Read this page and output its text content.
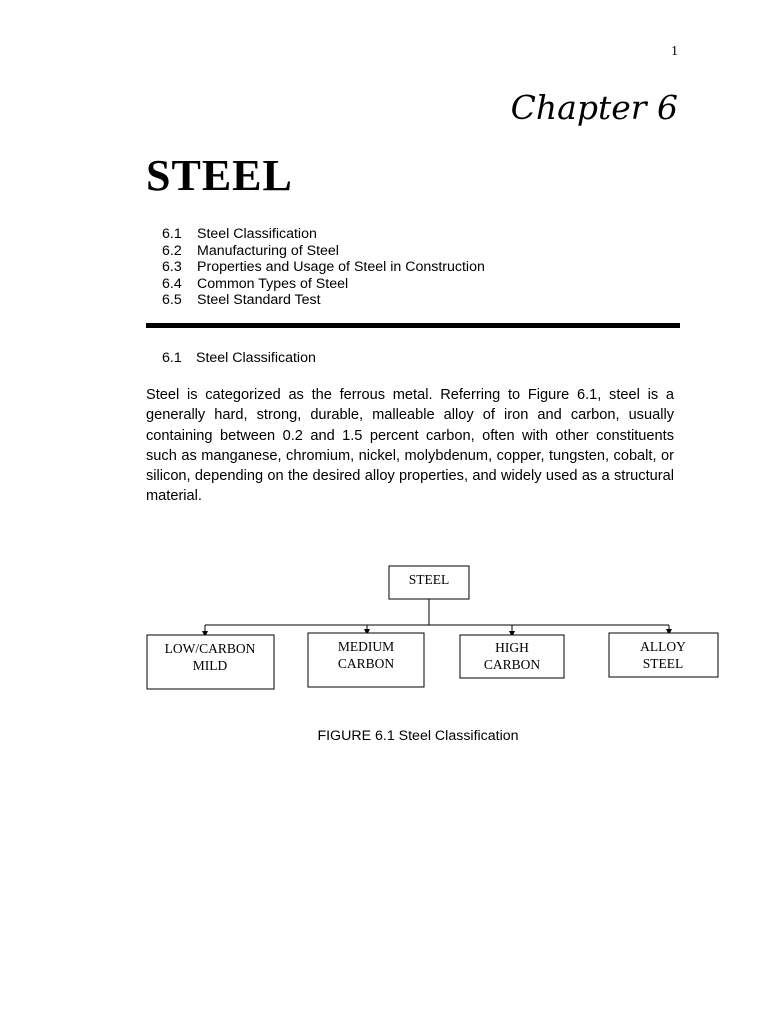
1
Chapter 6
STEEL
6.1 Steel Classification
6.2 Manufacturing of Steel
6.3 Properties and Usage of Steel in Construction
6.4 Common Types of Steel
6.5 Steel Standard Test
6.1 Steel Classification

Steel is categorized as the ferrous metal. Referring to Figure 6.1, steel is a generally hard, strong, durable, malleable alloy of iron and carbon, usually containing between 0.2 and 1.5 percent carbon, often with other constituents such as manganese, chromium, nickel, molybdenum, copper, tungsten, cobalt, or silicon, depending on the desired alloy properties, and widely used as a structural material.

STEEL
LOW/CARBON
MILD
MEDIUM
CARBON
HIGH
CARBON
ALLOY
STEEL
FIGURE 6.1 Steel Classification
